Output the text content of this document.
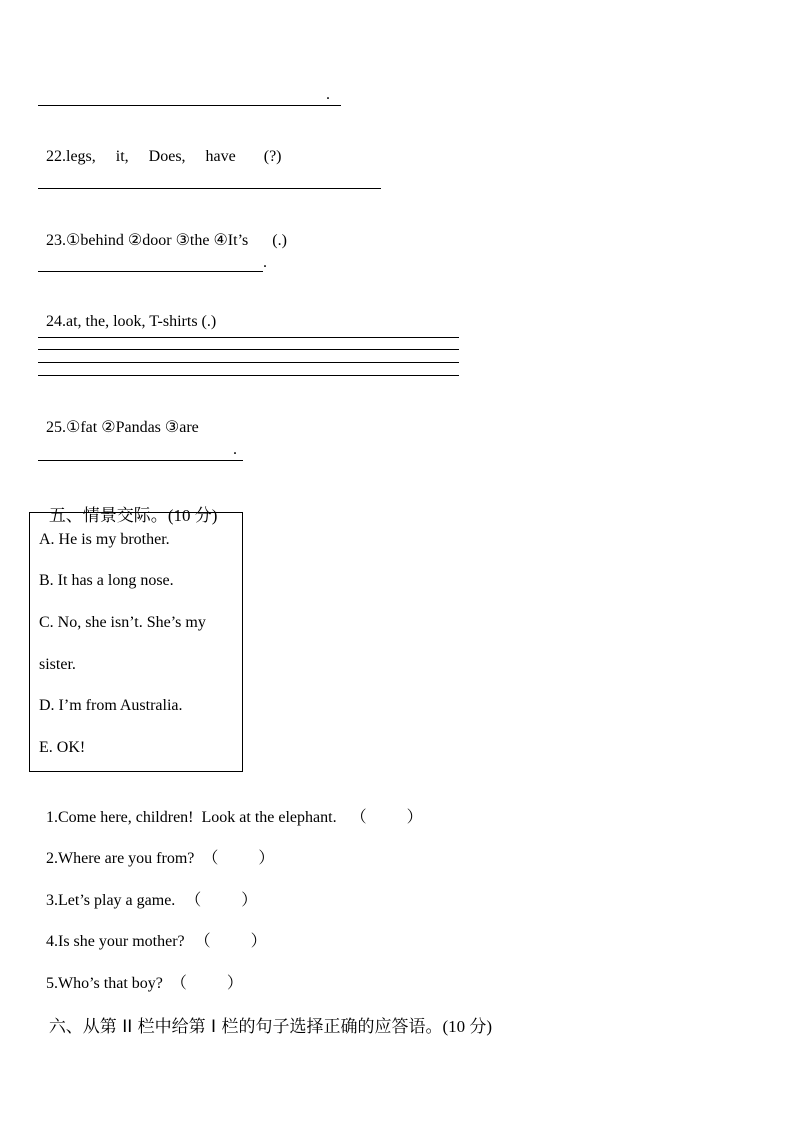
.

22.legs,     it,     Does,     have       (?)

23.①behind ②door ③the ④It’s      (.)

.

24.at, the, look, T-shirts (.)

25.①fat ②Pandas ③are

.

五、情景交际。(10 分)

A. He is my brother.
B. It has a long nose.
C. No, she isn’t. She’s my
sister.
D. I’m from Australia.
E. OK!

1.Come here, children!  Look at the elephant. （          ）

2.Where are you from? （          ）

3.Let’s play a game. （          ）

4.Is she your mother? （          ）

5.Who’s that boy? （          ）

六、从第 II 栏中给第 I 栏的句子选择正确的应答语。(10 分)
